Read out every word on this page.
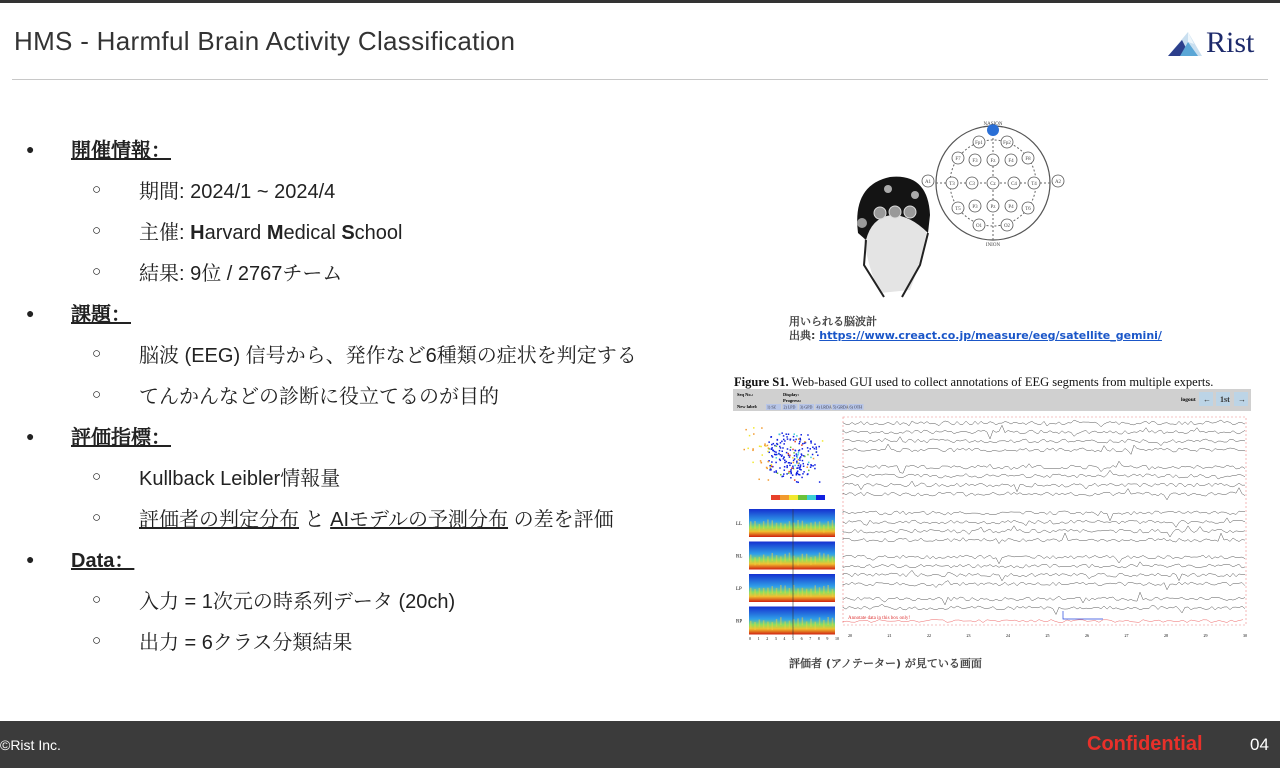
HMS - Harmful Brain Activity Classification	Rist
● 開催情報：
○ 期間: 2024/1 ~ 2024/4
○ 主催: Harvard Medical School
○ 結果: 9位 / 2767チーム
● 課題：
○ 脳波 (EEG) 信号から、発作など6種類の症状を判定する
○ てんかんなどの診断に役立てるのが目的
● 評価指標：
○ Kullback Leibler情報量
○ 評価者の判定分布 と AIモデルの予測分布 の差を評価
● Data：
○ 入力 = 1次元の時系列データ (20ch)
○ 出力 = 6クラス分類結果
Fp1	Fp2
F7 F3	Fz	F4 F8
A1	T3	C3	Cz	C4	T4	A2
T5 P3	Pz	P4 T6
O1	O2
NASION
INION
用いられる脳波計
出典: https://www.creact.co.jp/measure/eeg/satellite_gemini/
Figure S1. Web-based GUI used to collect annotations of EEG segments from multiple experts.
Seq No.:	Display:
Progress:
New label: 1) SZ 2) LPD 3) GPD 4) LRDA 5) GRDA 6) OTH
logout ← 1st →
LL
RL
LP
RP
0 1 2 3 4 5 6 7 8 9 10
Annotate data in this box only!
20	21	22	23	24	25	26	27	28	29	30
評価者 (アノテーター) が見ている画面
©Rist Inc.	Confidential	04
